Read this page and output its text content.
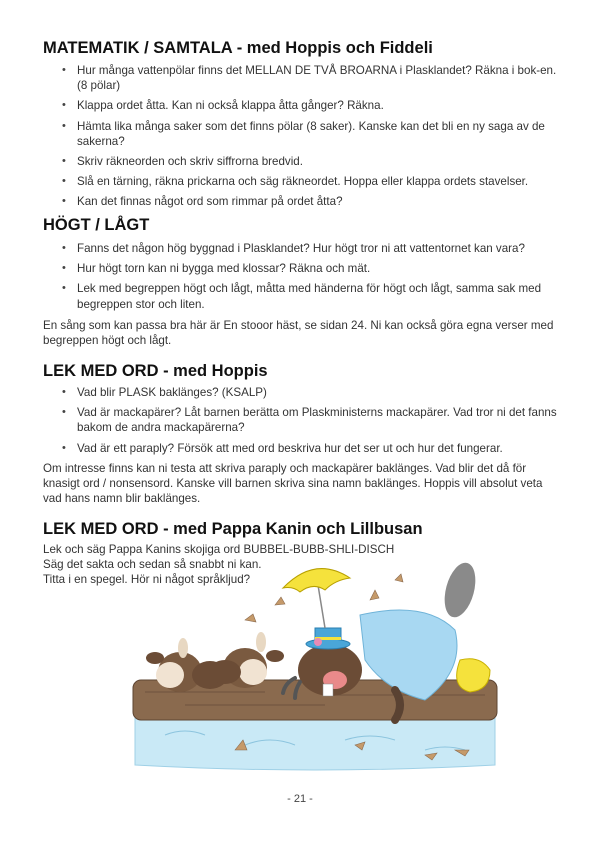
MATEMATIK / SAMTALA - med Hoppis och Fiddeli
• Hur många vattenpölar finns det MELLAN DE TVÅ BROARNA i Plasklandet? Räkna i bok-en. (8 pölar)
• Klappa ordet åtta. Kan ni också klappa åtta gånger? Räkna.
• Hämta lika många saker som det finns pölar (8 saker). Kanske kan det bli en ny saga av de sakerna?
• Skriv räkneorden och skriv siffrorna bredvid.
• Slå en tärning, räkna prickarna och säg räkneordet. Hoppa eller klappa ordets stavelser.
• Kan det finnas något ord som rimmar på ordet åtta?
HÖGT / LÅGT
• Fanns det någon hög byggnad i Plasklandet? Hur högt tror ni att vattentornet kan vara?
• Hur högt torn kan ni bygga med klossar? Räkna och mät.
• Lek med begreppen högt och lågt, måtta med händerna för högt och lågt, samma sak med begreppen stor och liten.

En sång som kan passa bra här är En stooor häst, se sidan 24. Ni kan också göra egna verser med begreppen högt och lågt.

LEK MED ORD - med Hoppis
• Vad blir PLASK baklänges? (KSALP)
• Vad är mackapärer? Låt barnen berätta om Plaskministerns mackapärer. Vad tror ni det fanns bakom de andra mackapärerna?
• Vad är ett paraply? Försök att med ord beskriva hur det ser ut och hur det fungerar.

Om intresse finns kan ni testa att skriva paraply och mackapärer baklänges. Vad blir det då för knasigt ord / nonsensord. Kanske vill barnen skriva sina namn baklänges. Hoppis vill absolut veta vad hans namn blir baklänges.

LEK MED ORD - med Pappa Kanin och Lillbusan
Lek och säg Pappa Kanins skojiga ord BUBBEL-BUBB-SHLI-DISCH
Säg det sakta och sedan så snabbt ni kan.
Titta i en spegel. Hör ni något språkljud?
- 21 -
